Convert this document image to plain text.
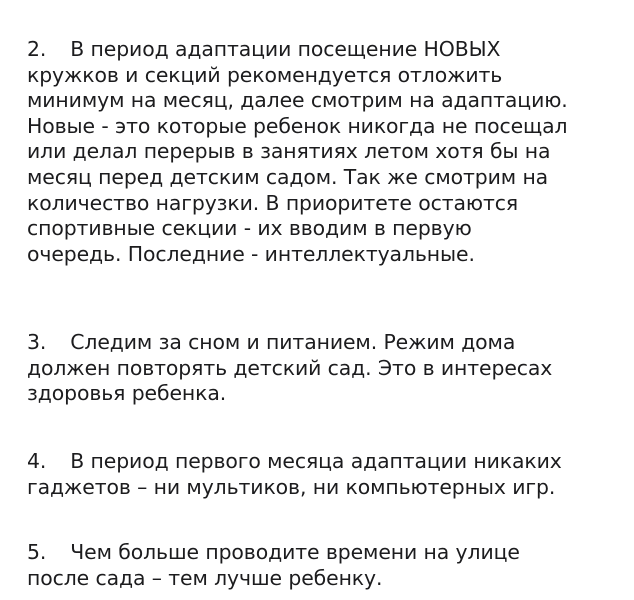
2. В период адаптации посещение НОВЫХ
кружков и секций рекомендуется отложить
минимум на месяц, далее смотрим на адаптацию.
Новые - это которые ребенок никогда не посещал
или делал перерыв в занятиях летом хотя бы на
месяц перед детским садом. Так же смотрим на
количество нагрузки. В приоритете остаются
спортивные секции - их вводим в первую
очередь. Последние - интеллектуальные.

3. Следим за сном и питанием. Режим дома
должен повторять детский сад. Это в интересах
здоровья ребенка.

4. В период первого месяца адаптации никаких
гаджетов – ни мультиков, ни компьютерных игр.

5. Чем больше проводите времени на улице
после сада – тем лучше ребенку.
